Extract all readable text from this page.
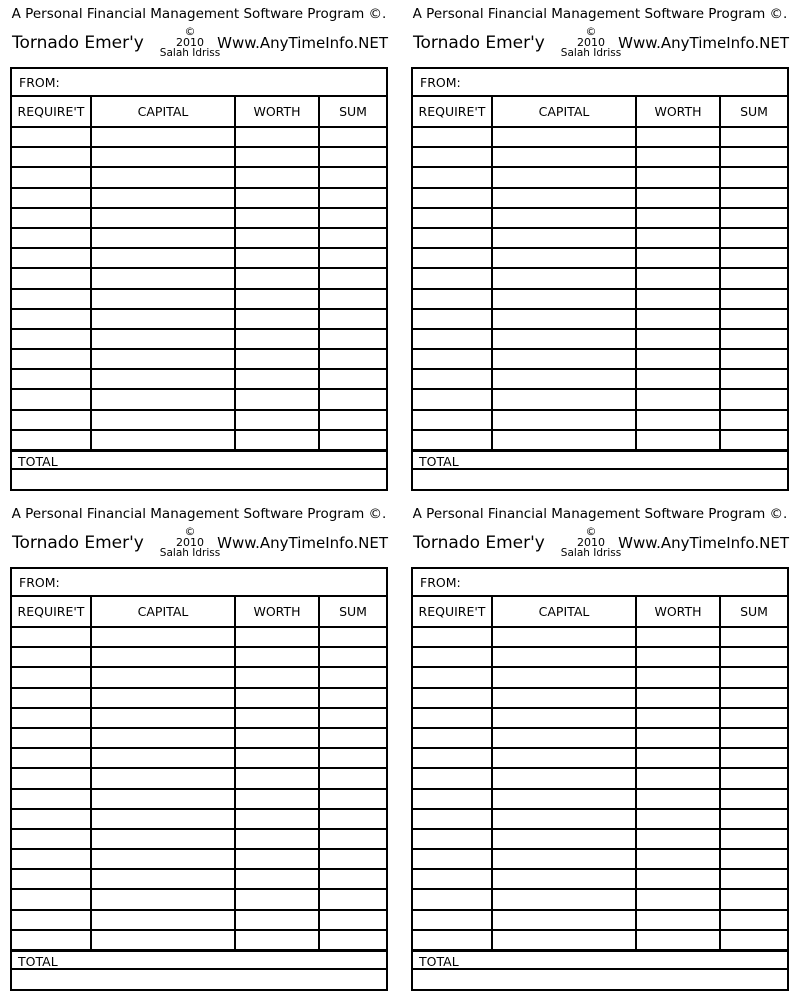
A Personal Financial Management Software Program ©.
Tornado Emer'y
©
2010
Salah Idriss
Www.AnyTimeInfo.NET
FROM:
REQUIRE'T	CAPITAL	WORTH	SUM

TOTAL
A Personal Financial Management Software Program ©.
Tornado Emer'y
©
2010
Salah Idriss
Www.AnyTimeInfo.NET
FROM:
REQUIRE'T	CAPITAL	WORTH	SUM

TOTAL
A Personal Financial Management Software Program ©.
Tornado Emer'y
©
2010
Salah Idriss
Www.AnyTimeInfo.NET
FROM:
REQUIRE'T	CAPITAL	WORTH	SUM

TOTAL
A Personal Financial Management Software Program ©.
Tornado Emer'y
©
2010
Salah Idriss
Www.AnyTimeInfo.NET
FROM:
REQUIRE'T	CAPITAL	WORTH	SUM

TOTAL
